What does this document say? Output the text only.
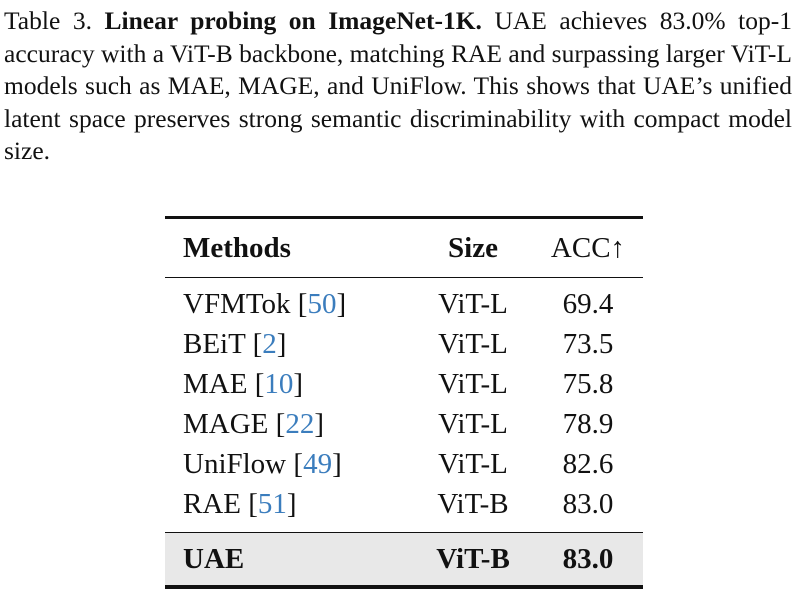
Table 3. Linear probing on ImageNet-1K. UAE achieves 83.0% top-1 accuracy with a ViT-B backbone, matching RAE and surpassing larger ViT-L models such as MAE, MAGE, and UniFlow. This shows that UAE’s unified latent space preserves strong semantic discriminability with compact model size.
Methods	Size	ACC↑
VFMTok [50]	ViT-L	69.4
BEiT [2]	ViT-L	73.5
MAE [10]	ViT-L	75.8
MAGE [22]	ViT-L	78.9
UniFlow [49]	ViT-L	82.6
RAE [51]	ViT-B	83.0
UAE	ViT-B	83.0
